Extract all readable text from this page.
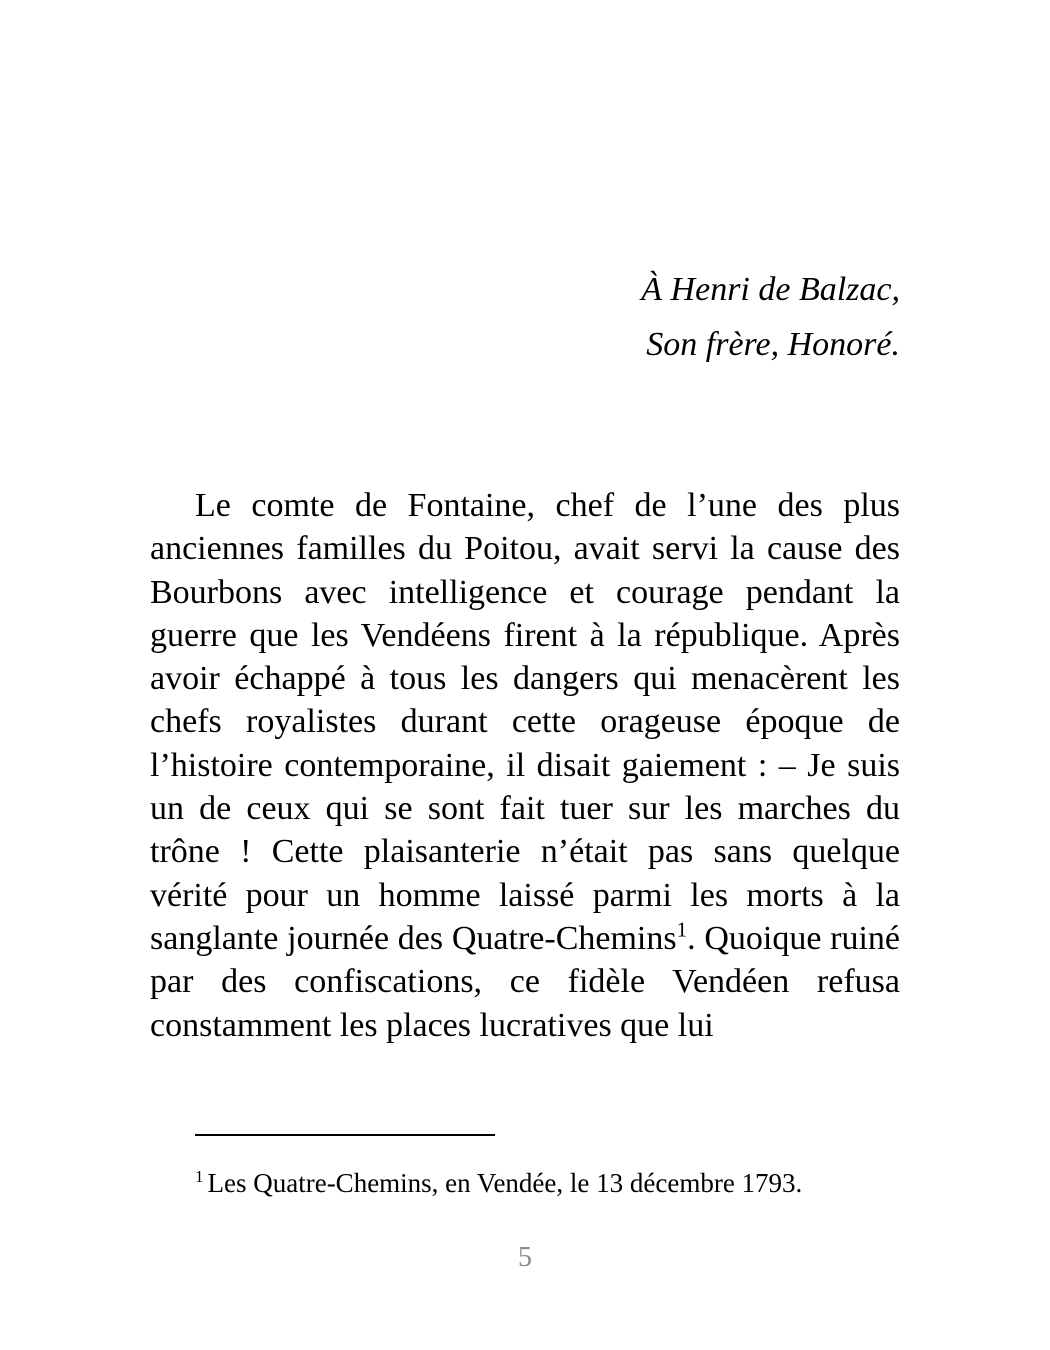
À Henri de Balzac,
Son frère, Honoré.

Le comte de Fontaine, chef de l’une des plus anciennes familles du Poitou, avait servi la cause des Bourbons avec intelligence et courage pendant la guerre que les Vendéens firent à la république. Après avoir échappé à tous les dangers qui menacèrent les chefs royalistes durant cette orageuse époque de l’histoire contemporaine, il disait gaiement : – Je suis un de ceux qui se sont fait tuer sur les marches du trône ! Cette plaisanterie n’était pas sans quelque vérité pour un homme laissé parmi les morts à la sanglante journée des Quatre-Chemins$^1$. Quoique ruiné par des confiscations, ce fidèle Vendéen refusa constamment les places lucratives que lui

$^1$ Les Quatre-Chemins, en Vendée, le 13 décembre 1793.
5
